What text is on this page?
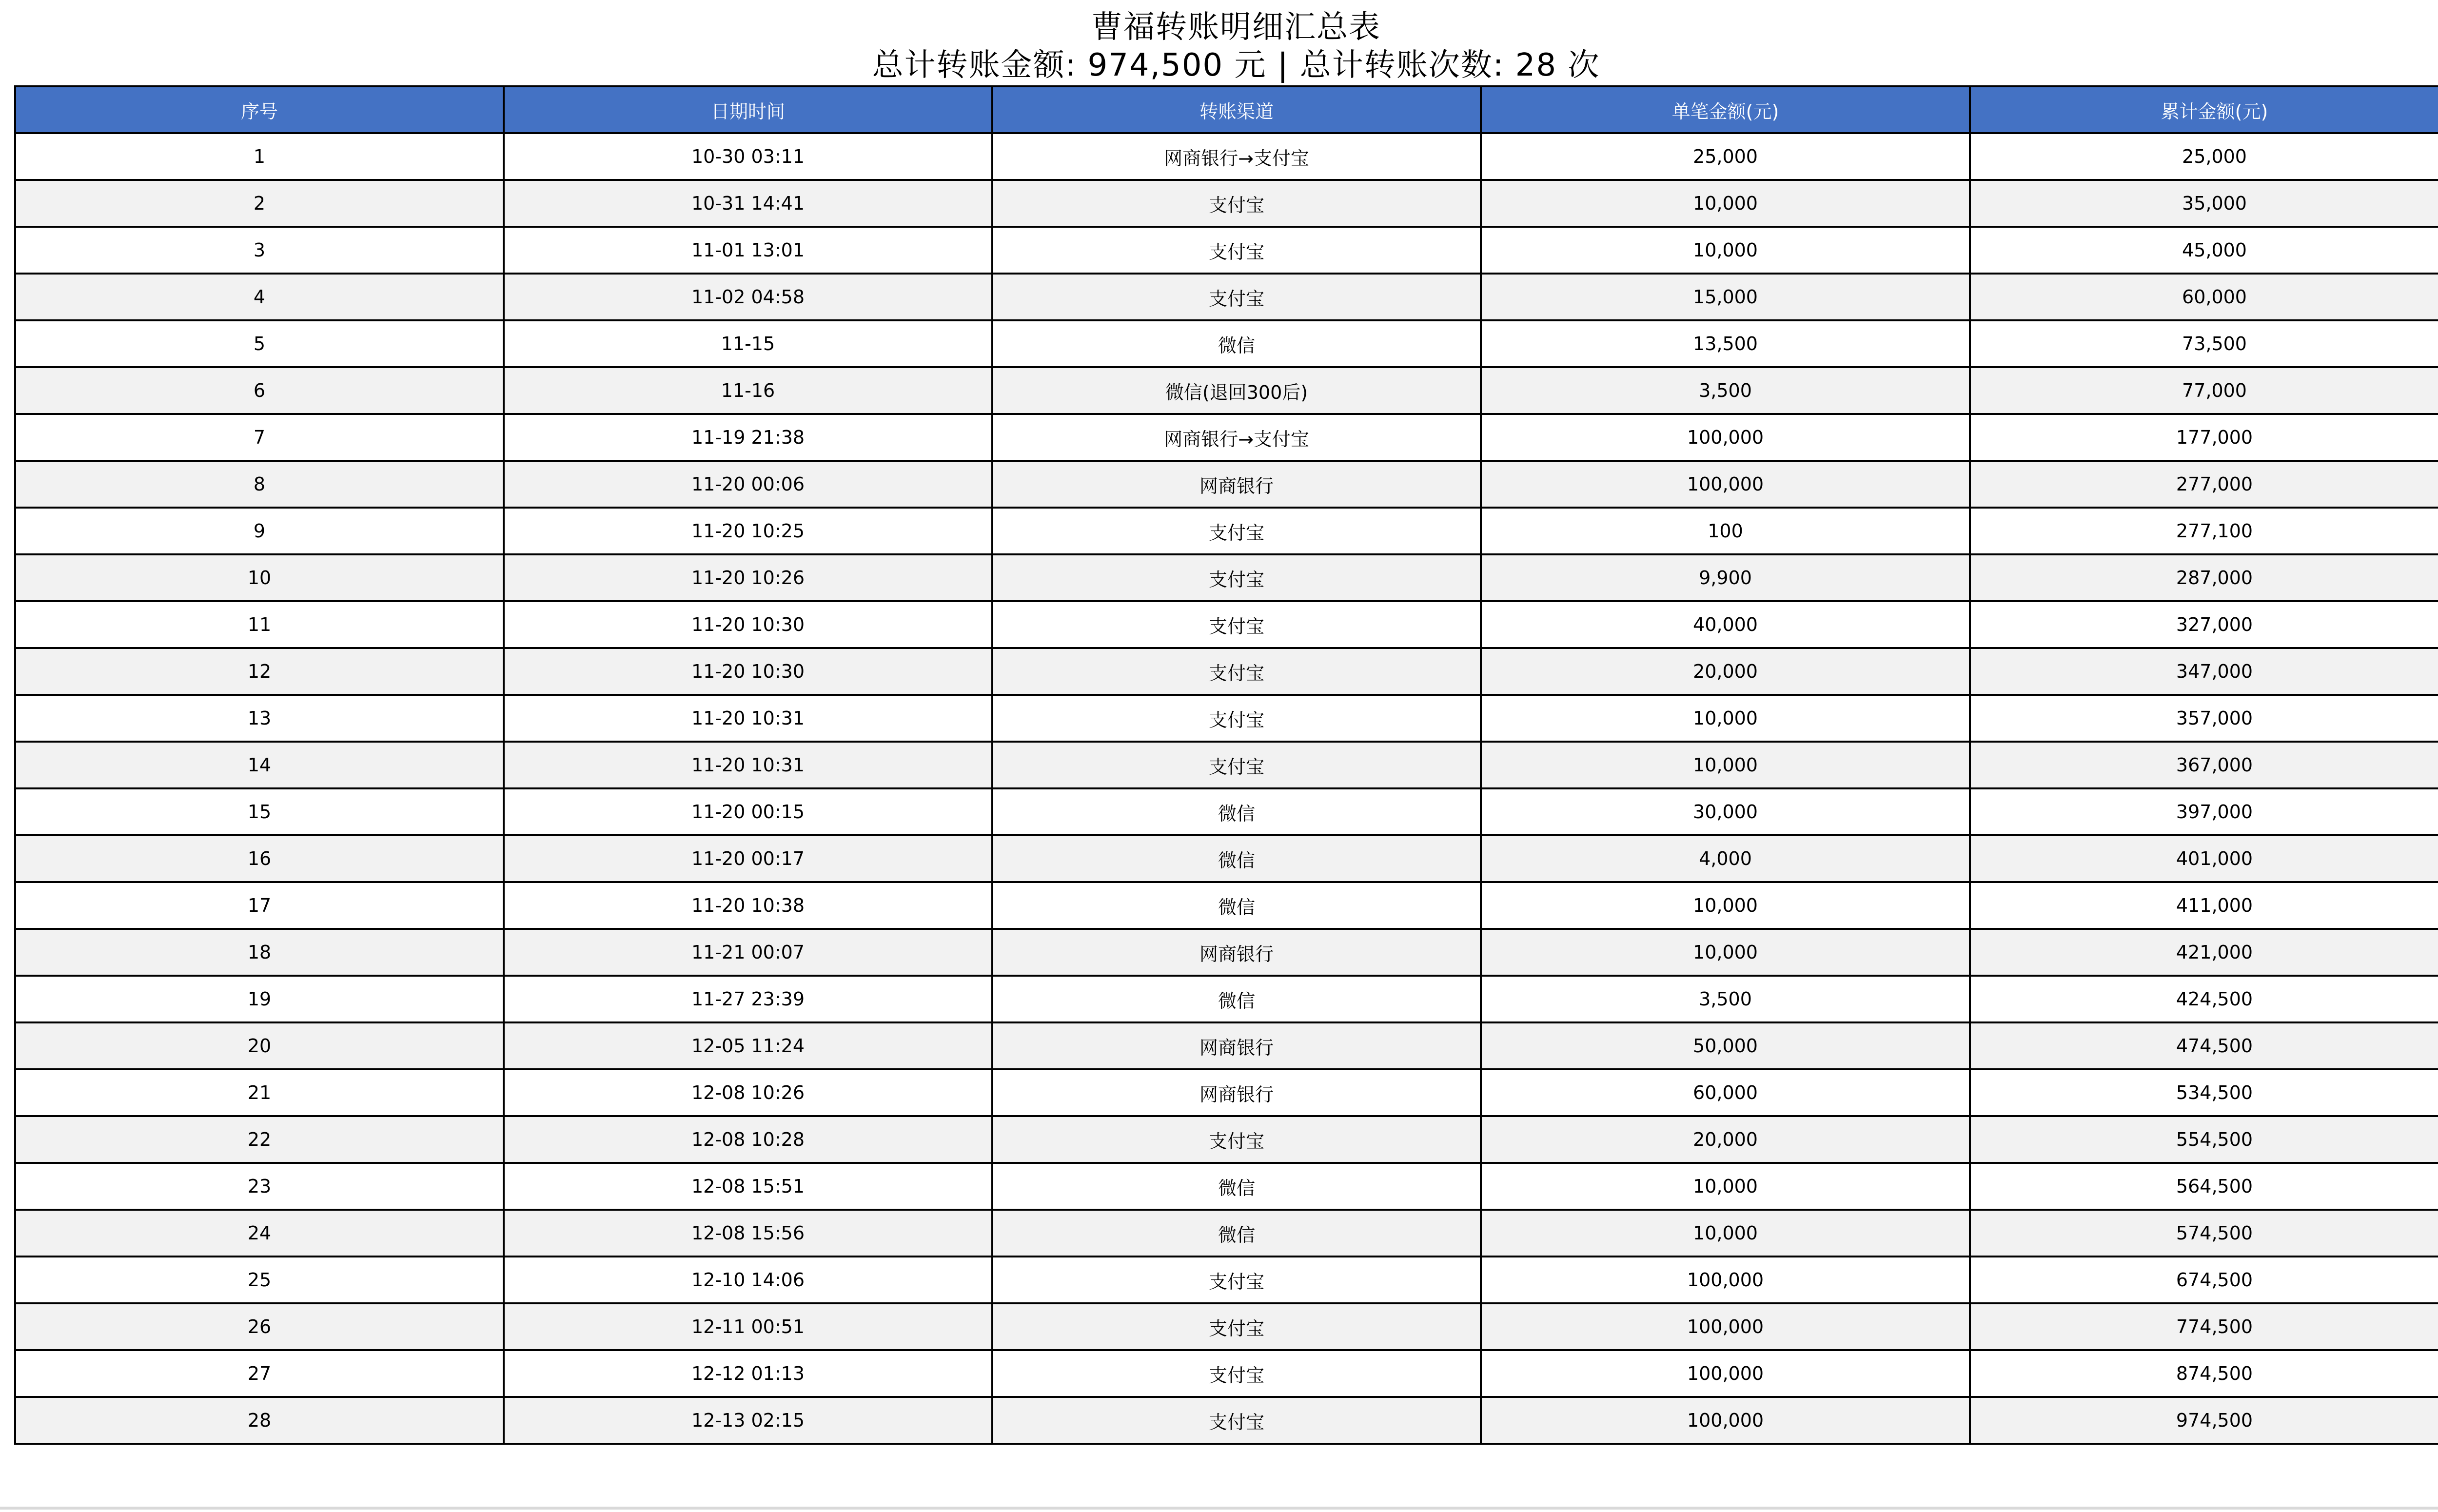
曹福转账明细汇总表
总计转账金额: 974,500 元 | 总计转账次数: 28 次
序号	日期时间	转账渠道	单笔金额(元)	累计金额(元)
1	10-30 03:11	网商银行→支付宝	25,000	25,000
2	10-31 14:41	支付宝	10,000	35,000
3	11-01 13:01	支付宝	10,000	45,000
4	11-02 04:58	支付宝	15,000	60,000
5	11-15	微信	13,500	73,500
6	11-16	微信(退回300后)	3,500	77,000
7	11-19 21:38	网商银行→支付宝	100,000	177,000
8	11-20 00:06	网商银行	100,000	277,000
9	11-20 10:25	支付宝	100	277,100
10	11-20 10:26	支付宝	9,900	287,000
11	11-20 10:30	支付宝	40,000	327,000
12	11-20 10:30	支付宝	20,000	347,000
13	11-20 10:31	支付宝	10,000	357,000
14	11-20 10:31	支付宝	10,000	367,000
15	11-20 00:15	微信	30,000	397,000
16	11-20 00:17	微信	4,000	401,000
17	11-20 10:38	微信	10,000	411,000
18	11-21 00:07	网商银行	10,000	421,000
19	11-27 23:39	微信	3,500	424,500
20	12-05 11:24	网商银行	50,000	474,500
21	12-08 10:26	网商银行	60,000	534,500
22	12-08 10:28	支付宝	20,000	554,500
23	12-08 15:51	微信	10,000	564,500
24	12-08 15:56	微信	10,000	574,500
25	12-10 14:06	支付宝	100,000	674,500
26	12-11 00:51	支付宝	100,000	774,500
27	12-12 01:13	支付宝	100,000	874,500
28	12-13 02:15	支付宝	100,000	974,500
